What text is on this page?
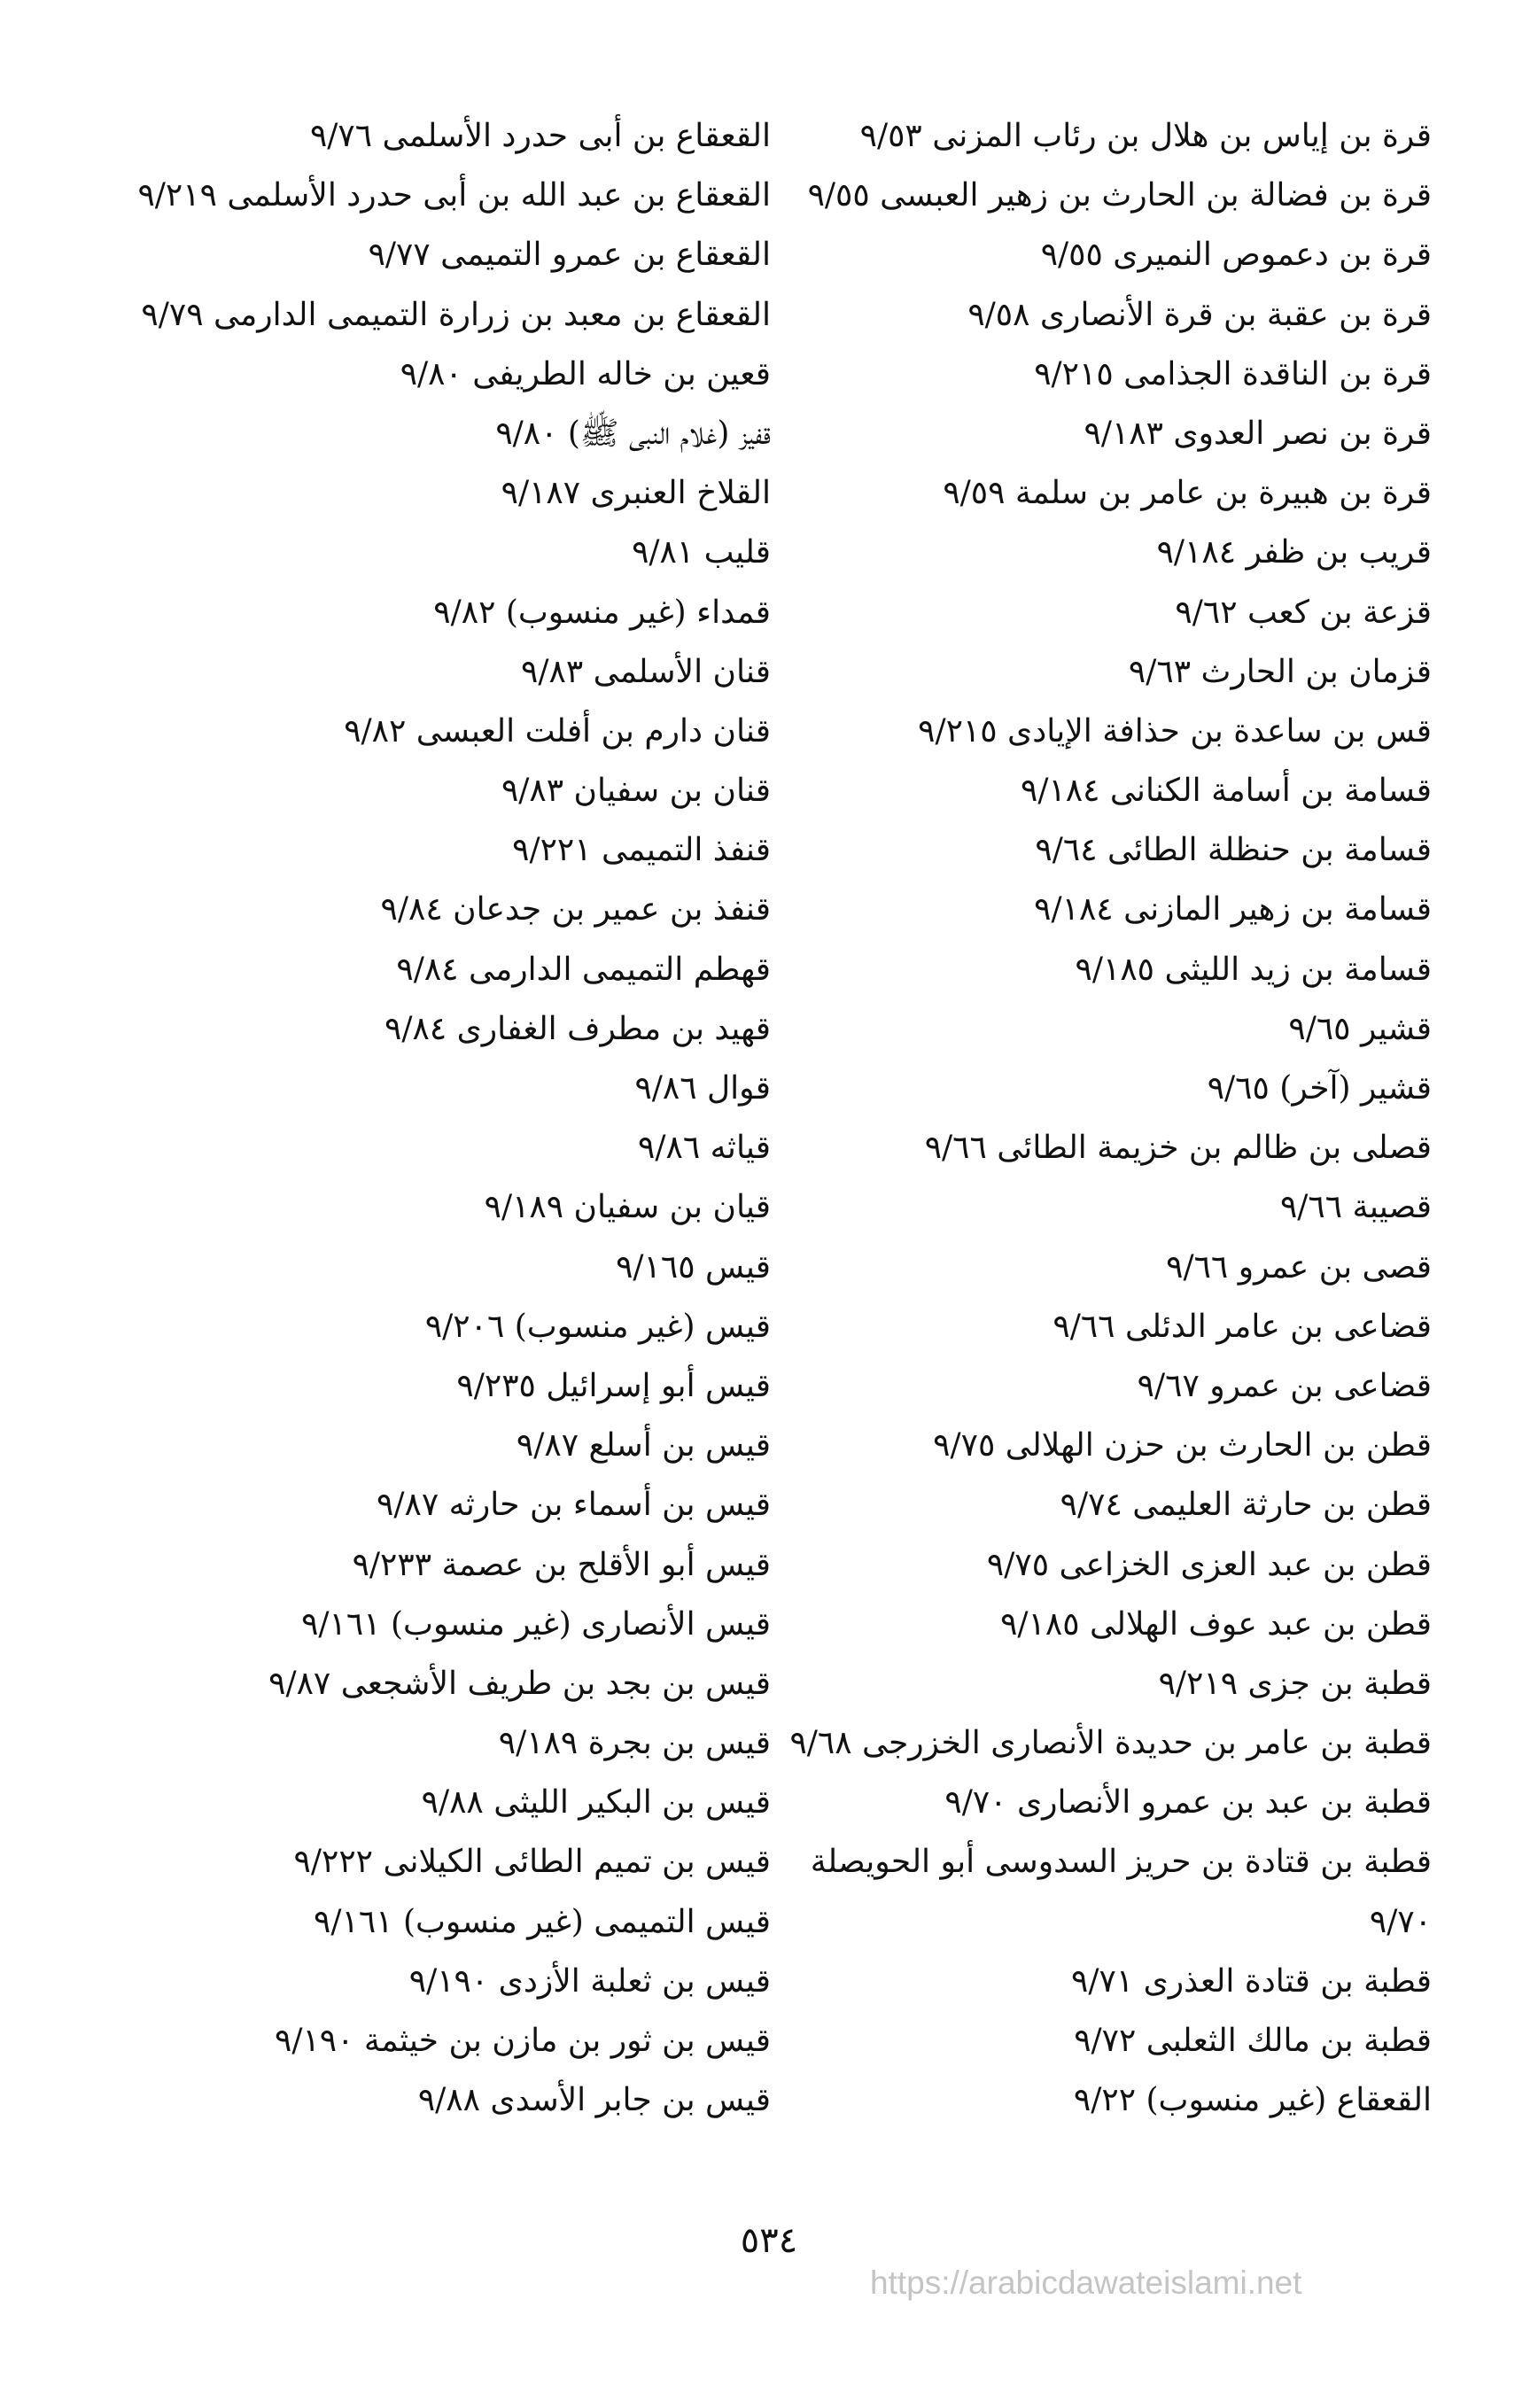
قرة بن إياس بن هلال بن رئاب المزنى ٩/٥٣
قرة بن فضالة بن الحارث بن زهير العبسى ٩/٥٥
قرة بن دعموص النميرى ٩/٥٥
قرة بن عقبة بن قرة الأنصارى ٩/٥٨
قرة بن الناقدة الجذامى ٩/٢١٥
قرة بن نصر العدوى ٩/١٨٣
قرة بن هبيرة بن عامر بن سلمة ٩/٥٩
قريب بن ظفر ٩/١٨٤
قزعة بن كعب ٩/٦٢
قزمان بن الحارث ٩/٦٣
قس بن ساعدة بن حذافة الإيادى ٩/٢١٥
قسامة بن أسامة الكنانى ٩/١٨٤
قسامة بن حنظلة الطائى ٩/٦٤
قسامة بن زهير المازنى ٩/١٨٤
قسامة بن زيد الليثى ٩/١٨٥
قشير ٩/٦٥
قشير (آخر) ٩/٦٥
قصلى بن ظالم بن خزيمة الطائى ٩/٦٦
قصيبة ٩/٦٦
قصى بن عمرو ٩/٦٦
قضاعى بن عامر الدئلى ٩/٦٦
قضاعى بن عمرو ٩/٦٧
قطن بن الحارث بن حزن الهلالى ٩/٧٥
قطن بن حارثة العليمى ٩/٧٤
قطن بن عبد العزى الخزاعى ٩/٧٥
قطن بن عبد عوف الهلالى ٩/١٨٥
قطبة بن جزى ٩/٢١٩
قطبة بن عامر بن حديدة الأنصارى الخزرجى ٩/٦٨
قطبة بن عبد بن عمرو الأنصارى ٩/٧٠
قطبة بن قتادة بن حريز السدوسى أبو الحويصلة ٩/٧٠
قطبة بن قتادة العذرى ٩/٧١
قطبة بن مالك الثعلبى ٩/٧٢
القعقاع (غير منسوب) ٩/٢٢
القعقاع بن أبى حدرد الأسلمى ٩/٧٦
القعقاع بن عبد الله بن أبى حدرد الأسلمى ٩/٢١٩
القعقاع بن عمرو التميمى ٩/٧٧
القعقاع بن معبد بن زرارة التميمى الدارمى ٩/٧٩
قعين بن خاله الطريفى ٩/٨٠
قفيز (غلام النبى ﷺ) ٩/٨٠
القلاخ العنبرى ٩/١٨٧
قليب ٩/٨١
قمداء (غير منسوب) ٩/٨٢
قنان الأسلمى ٩/٨٣
قنان دارم بن أفلت العبسى ٩/٨٢
قنان بن سفيان ٩/٨٣
قنفذ التميمى ٩/٢٢١
قنفذ بن عمير بن جدعان ٩/٨٤
قهطم التميمى الدارمى ٩/٨٤
قهيد بن مطرف الغفارى ٩/٨٤
قوال ٩/٨٦
قياثه ٩/٨٦
قيان بن سفيان ٩/١٨٩
قيس ٩/١٦٥
قيس (غير منسوب) ٩/٢٠٦
قيس أبو إسرائيل ٩/٢٣٥
قيس بن أسلع ٩/٨٧
قيس بن أسماء بن حارثه ٩/٨٧
قيس أبو الأقلح بن عصمة ٩/٢٣٣
قيس الأنصارى (غير منسوب) ٩/١٦١
قيس بن بجد بن طريف الأشجعى ٩/٨٧
قيس بن بجرة ٩/١٨٩
قيس بن البكير الليثى ٩/٨٨
قيس بن تميم الطائى الكيلانى ٩/٢٢٢
قيس التميمى (غير منسوب) ٩/١٦١
قيس بن ثعلبة الأزدى ٩/١٩٠
قيس بن ثور بن مازن بن خيثمة ٩/١٩٠
قيس بن جابر الأسدى ٩/٨٨
٥٣٤
https://arabicdawateislami.net
